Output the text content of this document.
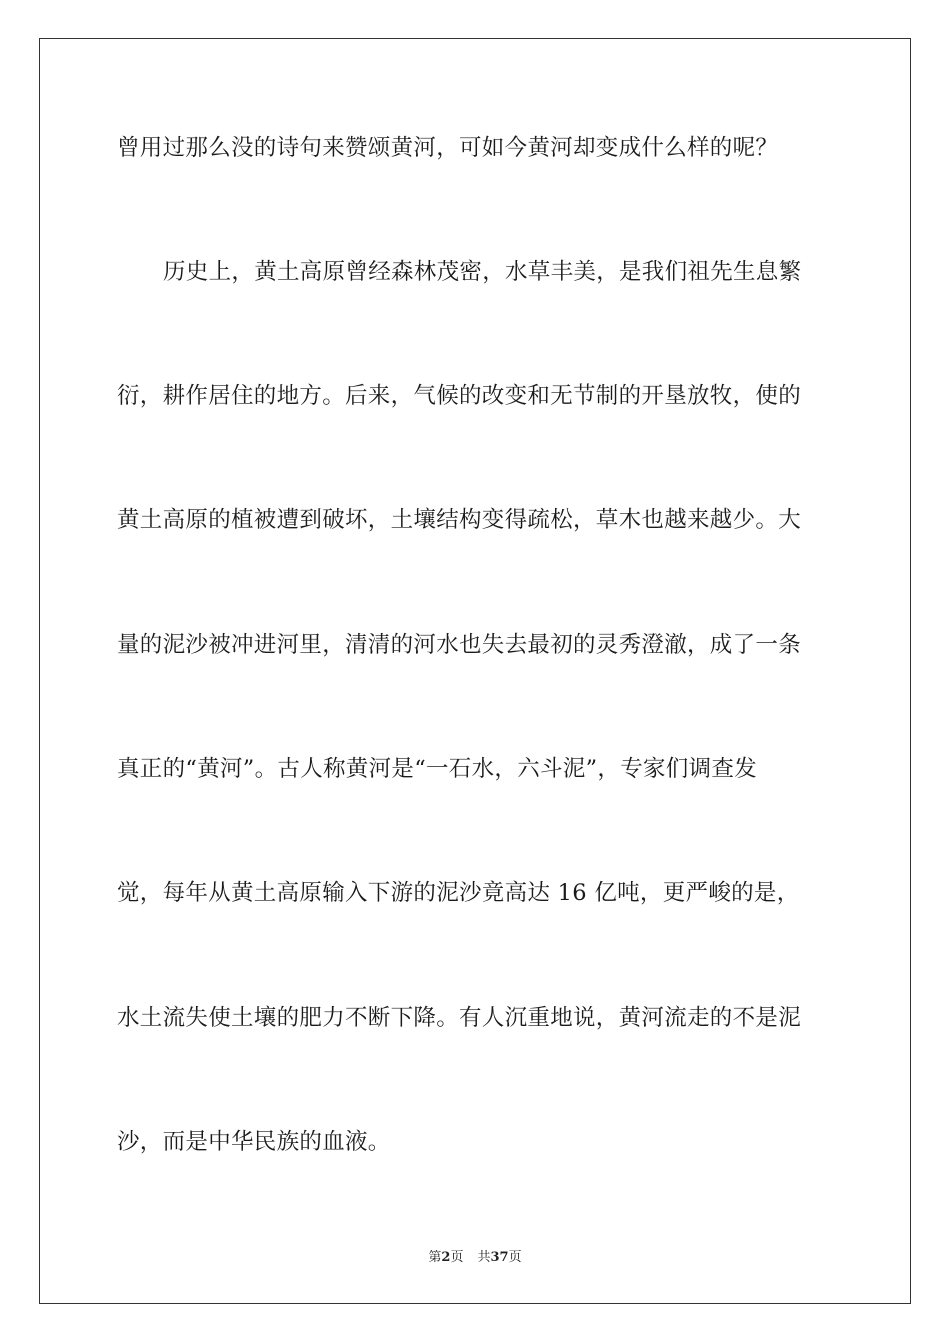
曾用过那么没的诗句来赞颂黄河，可如今黄河却变成什么样的呢？
历史上，黄土高原曾经森林茂密，水草丰美，是我们祖先生息繁
衍，耕作居住的地方。后来，气候的改变和无节制的开垦放牧，使的
黄土高原的植被遭到破坏，土壤结构变得疏松，草木也越来越少。大
量的泥沙被冲进河里，清清的河水也失去最初的灵秀澄澈，成了一条
真正的“黄河”。古人称黄河是“一石水，六斗泥”，专家们调查发
觉，每年从黄土高原输入下游的泥沙竟高达 16 亿吨，更严峻的是，
水土流失使土壤的肥力不断下降。有人沉重地说，黄河流走的不是泥
沙，而是中华民族的血液。
第2页 共37页
